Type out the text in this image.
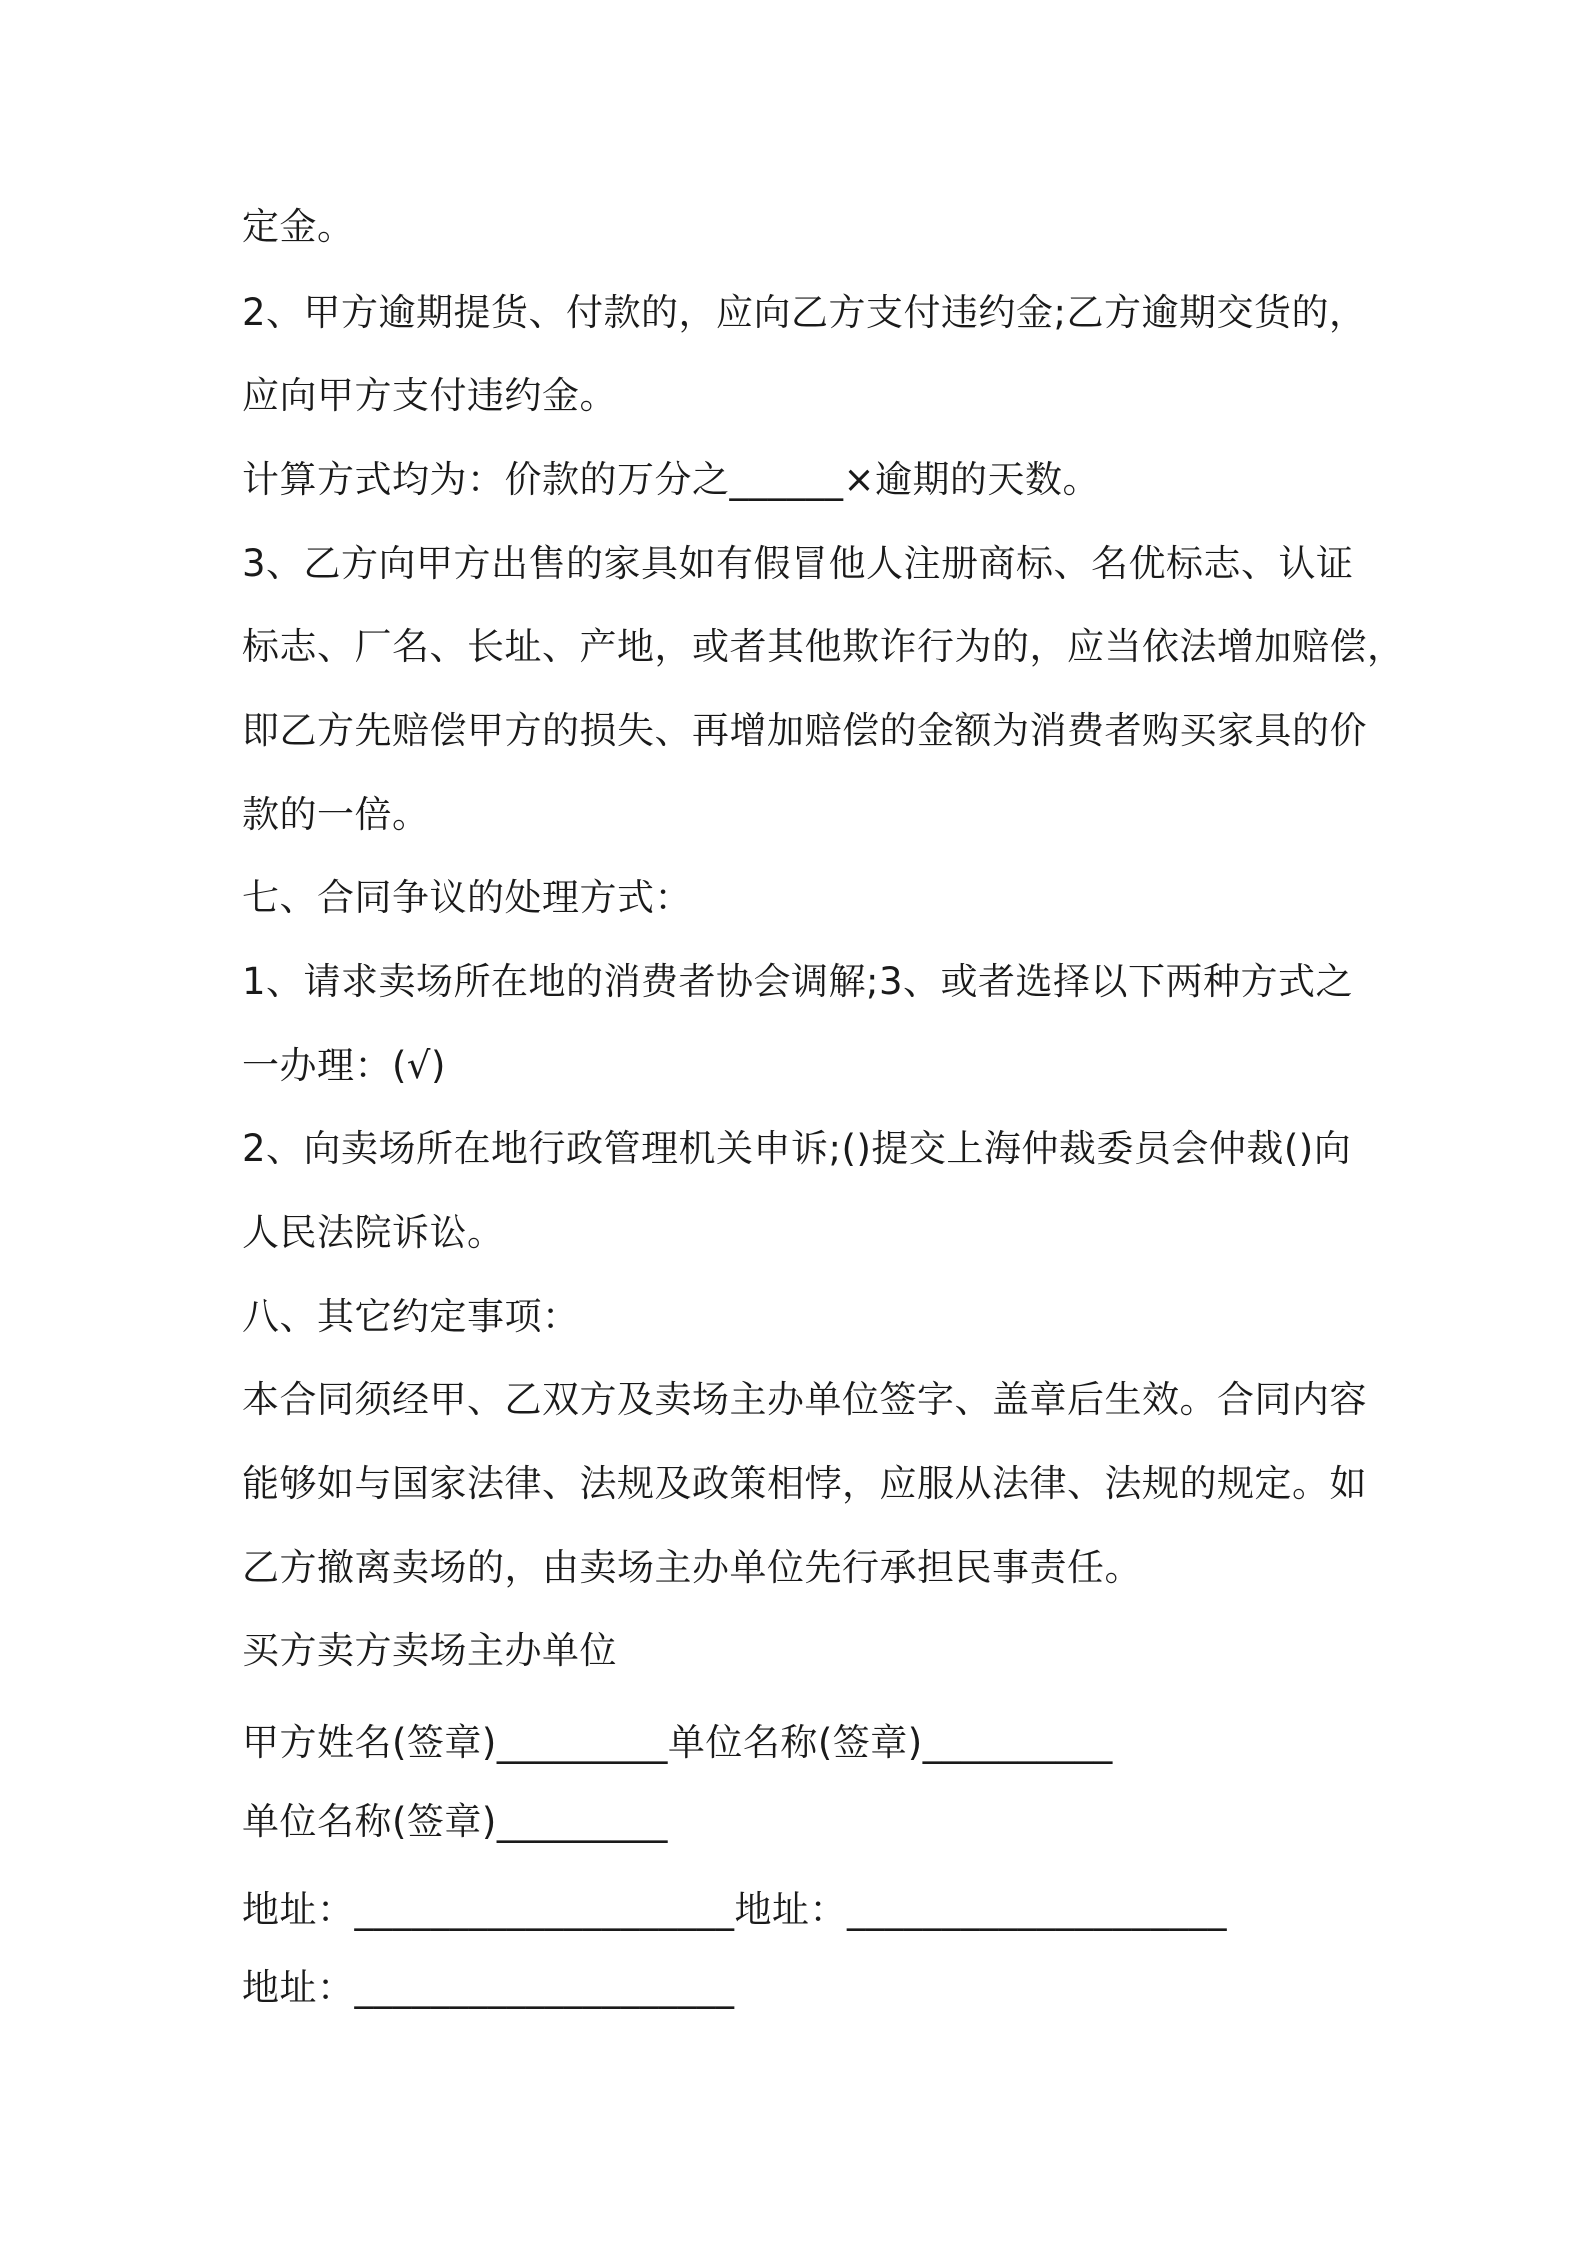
定金。

2、甲方逾期提货、付款的，应向乙方支付违约金;乙方逾期交货的，

应向甲方支付违约金。

计算方式均为：价款的万分之______×逾期的天数。

3、乙方向甲方出售的家具如有假冒他人注册商标、名优标志、认证

标志、厂名、长址、产地，或者其他欺诈行为的，应当依法增加赔偿，

即乙方先赔偿甲方的损失、再增加赔偿的金额为消费者购买家具的价

款的一倍。

七、合同争议的处理方式：

1、请求卖场所在地的消费者协会调解;3、或者选择以下两种方式之

一办理：(√)

2、向卖场所在地行政管理机关申诉;()提交上海仲裁委员会仲裁()向

人民法院诉讼。

八、其它约定事项：

本合同须经甲、乙双方及卖场主办单位签字、盖章后生效。合同内容

能够如与国家法律、法规及政策相悖，应服从法律、法规的规定。如

乙方撤离卖场的，由卖场主办单位先行承担民事责任。

买方卖方卖场主办单位

甲方姓名(签章)_________单位名称(签章)__________

单位名称(签章)_________

地址：____________________地址：____________________

地址：____________________
